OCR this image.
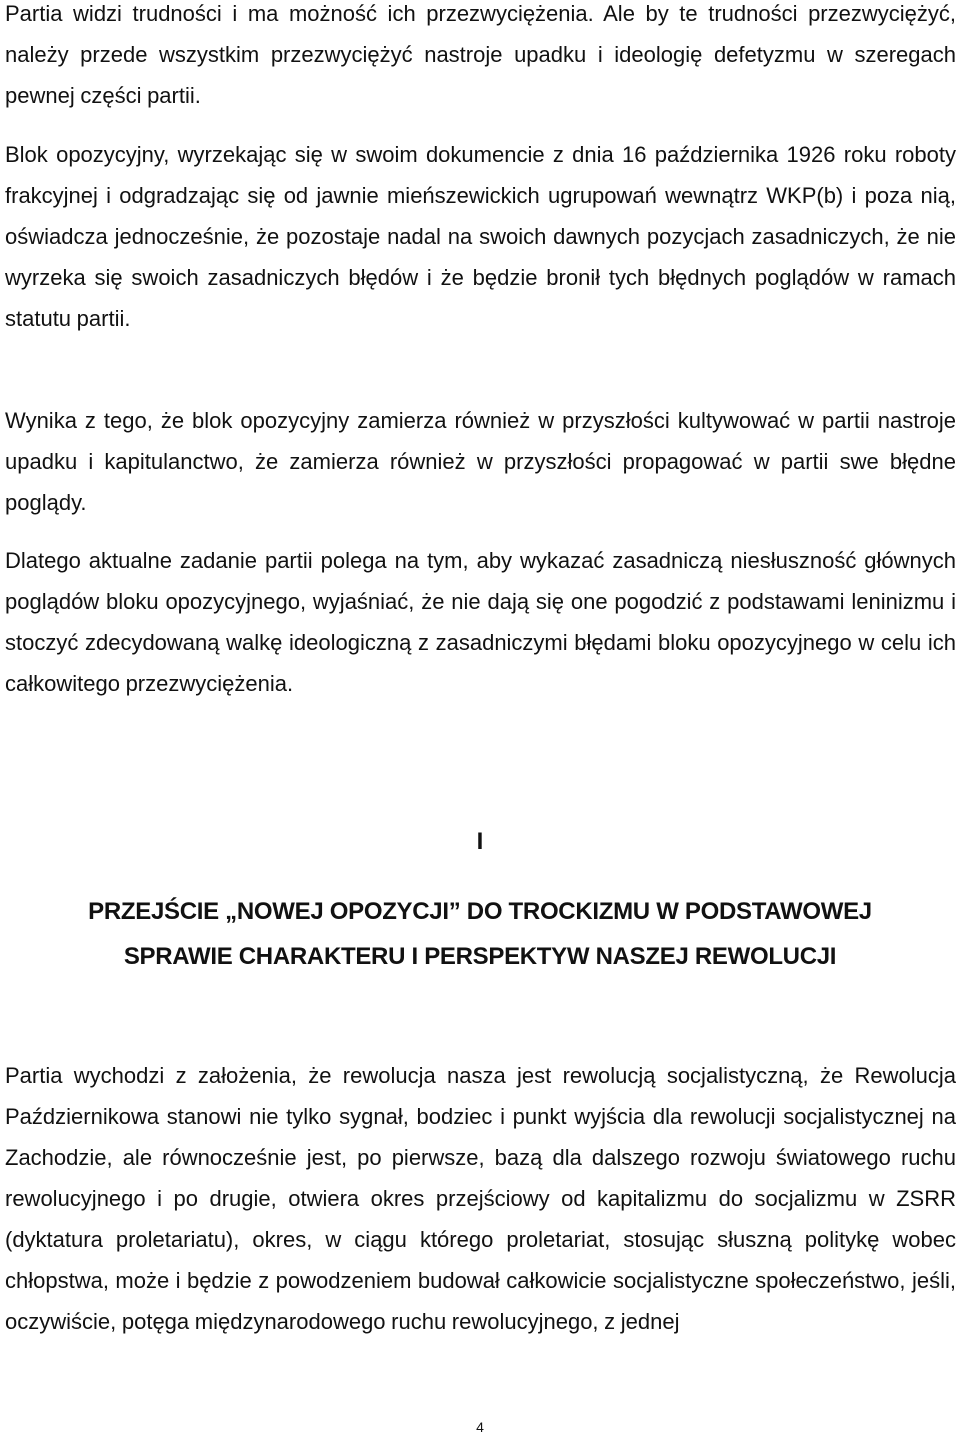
Partia widzi trudności i ma możność ich przezwyciężenia. Ale by te trudności przezwyciężyć, należy przede wszystkim przezwyciężyć nastroje upadku i ideologię defetyzmu w szeregach pewnej części partii.

Blok opozycyjny, wyrzekając się w swoim dokumencie z dnia 16 października 1926 roku roboty frakcyjnej i odgradzając się od jawnie mieńszewickich ugrupowań wewnątrz WKP(b) i poza nią, oświadcza jednocześnie, że pozostaje nadal na swoich dawnych pozycjach zasadniczych, że nie wyrzeka się swoich zasadniczych błędów i że będzie bronił tych błędnych poglądów w ramach statutu partii.

Wynika z tego, że blok opozycyjny zamierza również w przyszłości kultywować w partii nastroje upadku i kapitulanctwo, że zamierza również w przyszłości propagować w partii swe błędne poglądy.

Dlatego aktualne zadanie partii polega na tym, aby wykazać zasadniczą niesłuszność głównych poglądów bloku opozycyjnego, wyjaśniać, że nie dają się one pogodzić z podstawami leninizmu i stoczyć zdecydowaną walkę ideologiczną z zasadniczymi błędami bloku opozycyjnego w celu ich całkowitego przezwyciężenia.

I

PRZEJŚCIE „NOWEJ OPOZYCJI” DO TROCKIZMU W PODSTAWOWEJ
SPRAWIE CHARAKTERU I PERSPEKTYW NASZEJ REWOLUCJI

Partia wychodzi z założenia, że rewolucja nasza jest rewolucją socjalistyczną, że Rewolucja Październikowa stanowi nie tylko sygnał, bodziec i punkt wyjścia dla rewolucji socjalistycznej na Zachodzie, ale równocześnie jest, po pierwsze, bazą dla dalszego rozwoju światowego ruchu rewolucyjnego i po drugie, otwiera okres przejściowy od kapitalizmu do socjalizmu w ZSRR (dyktatura proletariatu), okres, w ciągu którego proletariat, stosując słuszną politykę wobec chłopstwa, może i będzie z powodzeniem budował całkowicie socjalistyczne społeczeństwo, jeśli, oczywiście, potęga międzynarodowego ruchu rewolucyjnego, z jednej

4
